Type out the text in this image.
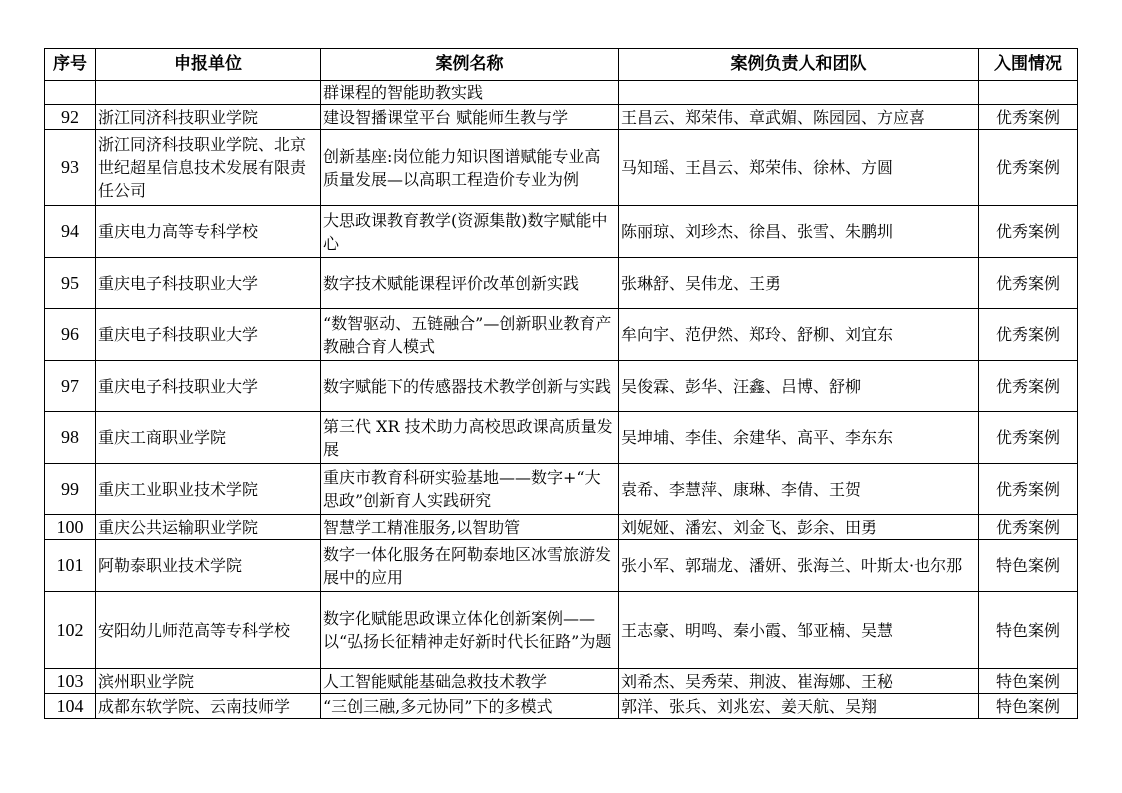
序号	申报单位	案例名称	案例负责人和团队	入围情况
		群课程的智能助教实践		
92	浙江同济科技职业学院	建设智播课堂平台 赋能师生教与学	王昌云、郑荣伟、章武媚、陈园园、方应喜	优秀案例
93	浙江同济科技职业学院、北京世纪超星信息技术发展有限责任公司	创新基座:岗位能力知识图谱赋能专业高质量发展—以高职工程造价专业为例	马知瑶、王昌云、郑荣伟、徐林、方圆	优秀案例
94	重庆电力高等专科学校	大思政课教育教学(资源集散)数字赋能中心	陈丽琼、刘珍杰、徐昌、张雪、朱鹏圳	优秀案例
95	重庆电子科技职业大学	数字技术赋能课程评价改革创新实践	张琳舒、吴伟龙、王勇	优秀案例
96	重庆电子科技职业大学	“数智驱动、五链融合”—创新职业教育产教融合育人模式	牟向宇、范伊然、郑玲、舒柳、刘宜东	优秀案例
97	重庆电子科技职业大学	数字赋能下的传感器技术教学创新与实践	吴俊霖、彭华、汪鑫、吕博、舒柳	优秀案例
98	重庆工商职业学院	第三代 XR 技术助力高校思政课高质量发展	吴坤埔、李佳、余建华、高平、李东东	优秀案例
99	重庆工业职业技术学院	重庆市教育科研实验基地——数字+“大思政”创新育人实践研究	袁希、李慧萍、康琳、李倩、王贺	优秀案例
100	重庆公共运输职业学院	智慧学工精准服务,以智助管	刘妮娅、潘宏、刘金飞、彭余、田勇	优秀案例
101	阿勒泰职业技术学院	数字一体化服务在阿勒泰地区冰雪旅游发展中的应用	张小军、郭瑞龙、潘妍、张海兰、叶斯太·也尔那	特色案例
102	安阳幼儿师范高等专科学校	数字化赋能思政课立体化创新案例——以“弘扬长征精神走好新时代长征路”为题	王志豪、明鸣、秦小霞、邹亚楠、吴慧	特色案例
103	滨州职业学院	人工智能赋能基础急救技术教学	刘希杰、吴秀荣、荆波、崔海娜、王秘	特色案例
104	成都东软学院、云南技师学	“三创三融,多元协同”下的多模式	郭洋、张兵、刘兆宏、姜天航、吴翔	特色案例
